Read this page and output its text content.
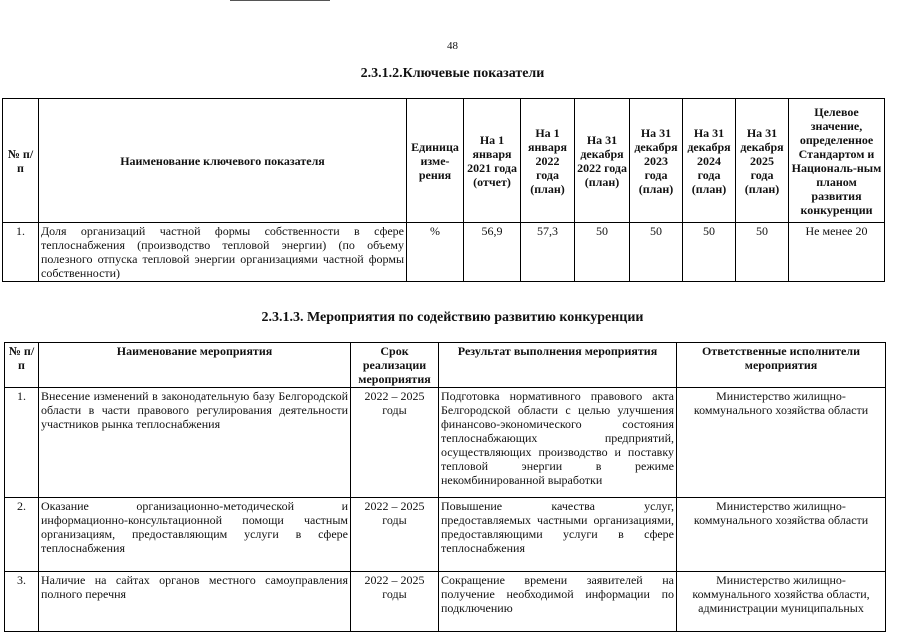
48
2.3.1.2.Ключевые показатели
№ п/п	Наименование ключевого показателя	Единица изме-рения	На 1 января 2021 года (отчет)	На 1 января 2022 года (план)	На 31 декабря 2022 года (план)	На 31 декабря 2023 года (план)	На 31 декабря 2024 года (план)	На 31 декабря 2025 года (план)	Целевое значение, определенное Стандартом и Националь-ным планом развития конкуренции
1.	Доля организаций частной формы собственности в сфере теплоснабжения (производство тепловой энергии) (по объему полезного отпуска тепловой энергии организациями частной формы собственности)	%	56,9	57,3	50	50	50	50	Не менее 20
2.3.1.3. Мероприятия по содействию развитию конкуренции
№ п/п	Наименование мероприятия	Срок реализации мероприятия	Результат выполнения мероприятия	Ответственные исполнители мероприятия
1.	Внесение изменений в законодательную базу Белгородской области в части правового регулирования деятельности участников рынка теплоснабжения	2022 – 2025 годы	Подготовка нормативного правового акта Белгородской области с целью улучшения финансово-экономического состояния теплоснабжающих предприятий, осуществляющих производство и поставку тепловой энергии в режиме некомбинированной выработки	Министерство жилищно-коммунального хозяйства области
2.	Оказание организационно-методической и информационно-консультационной помощи частным организациям, предоставляющим услуги в сфере теплоснабжения	2022 – 2025 годы	Повышение качества услуг, предоставляемых частными организациями, предоставляющими услуги в сфере теплоснабжения	Министерство жилищно-коммунального хозяйства области
3.	Наличие на сайтах органов местного самоуправления полного перечня	2022 – 2025 годы	Сокращение времени заявителей на получение необходимой информации по подключению	Министерство жилищно-коммунального хозяйства области, администрации муниципальных
